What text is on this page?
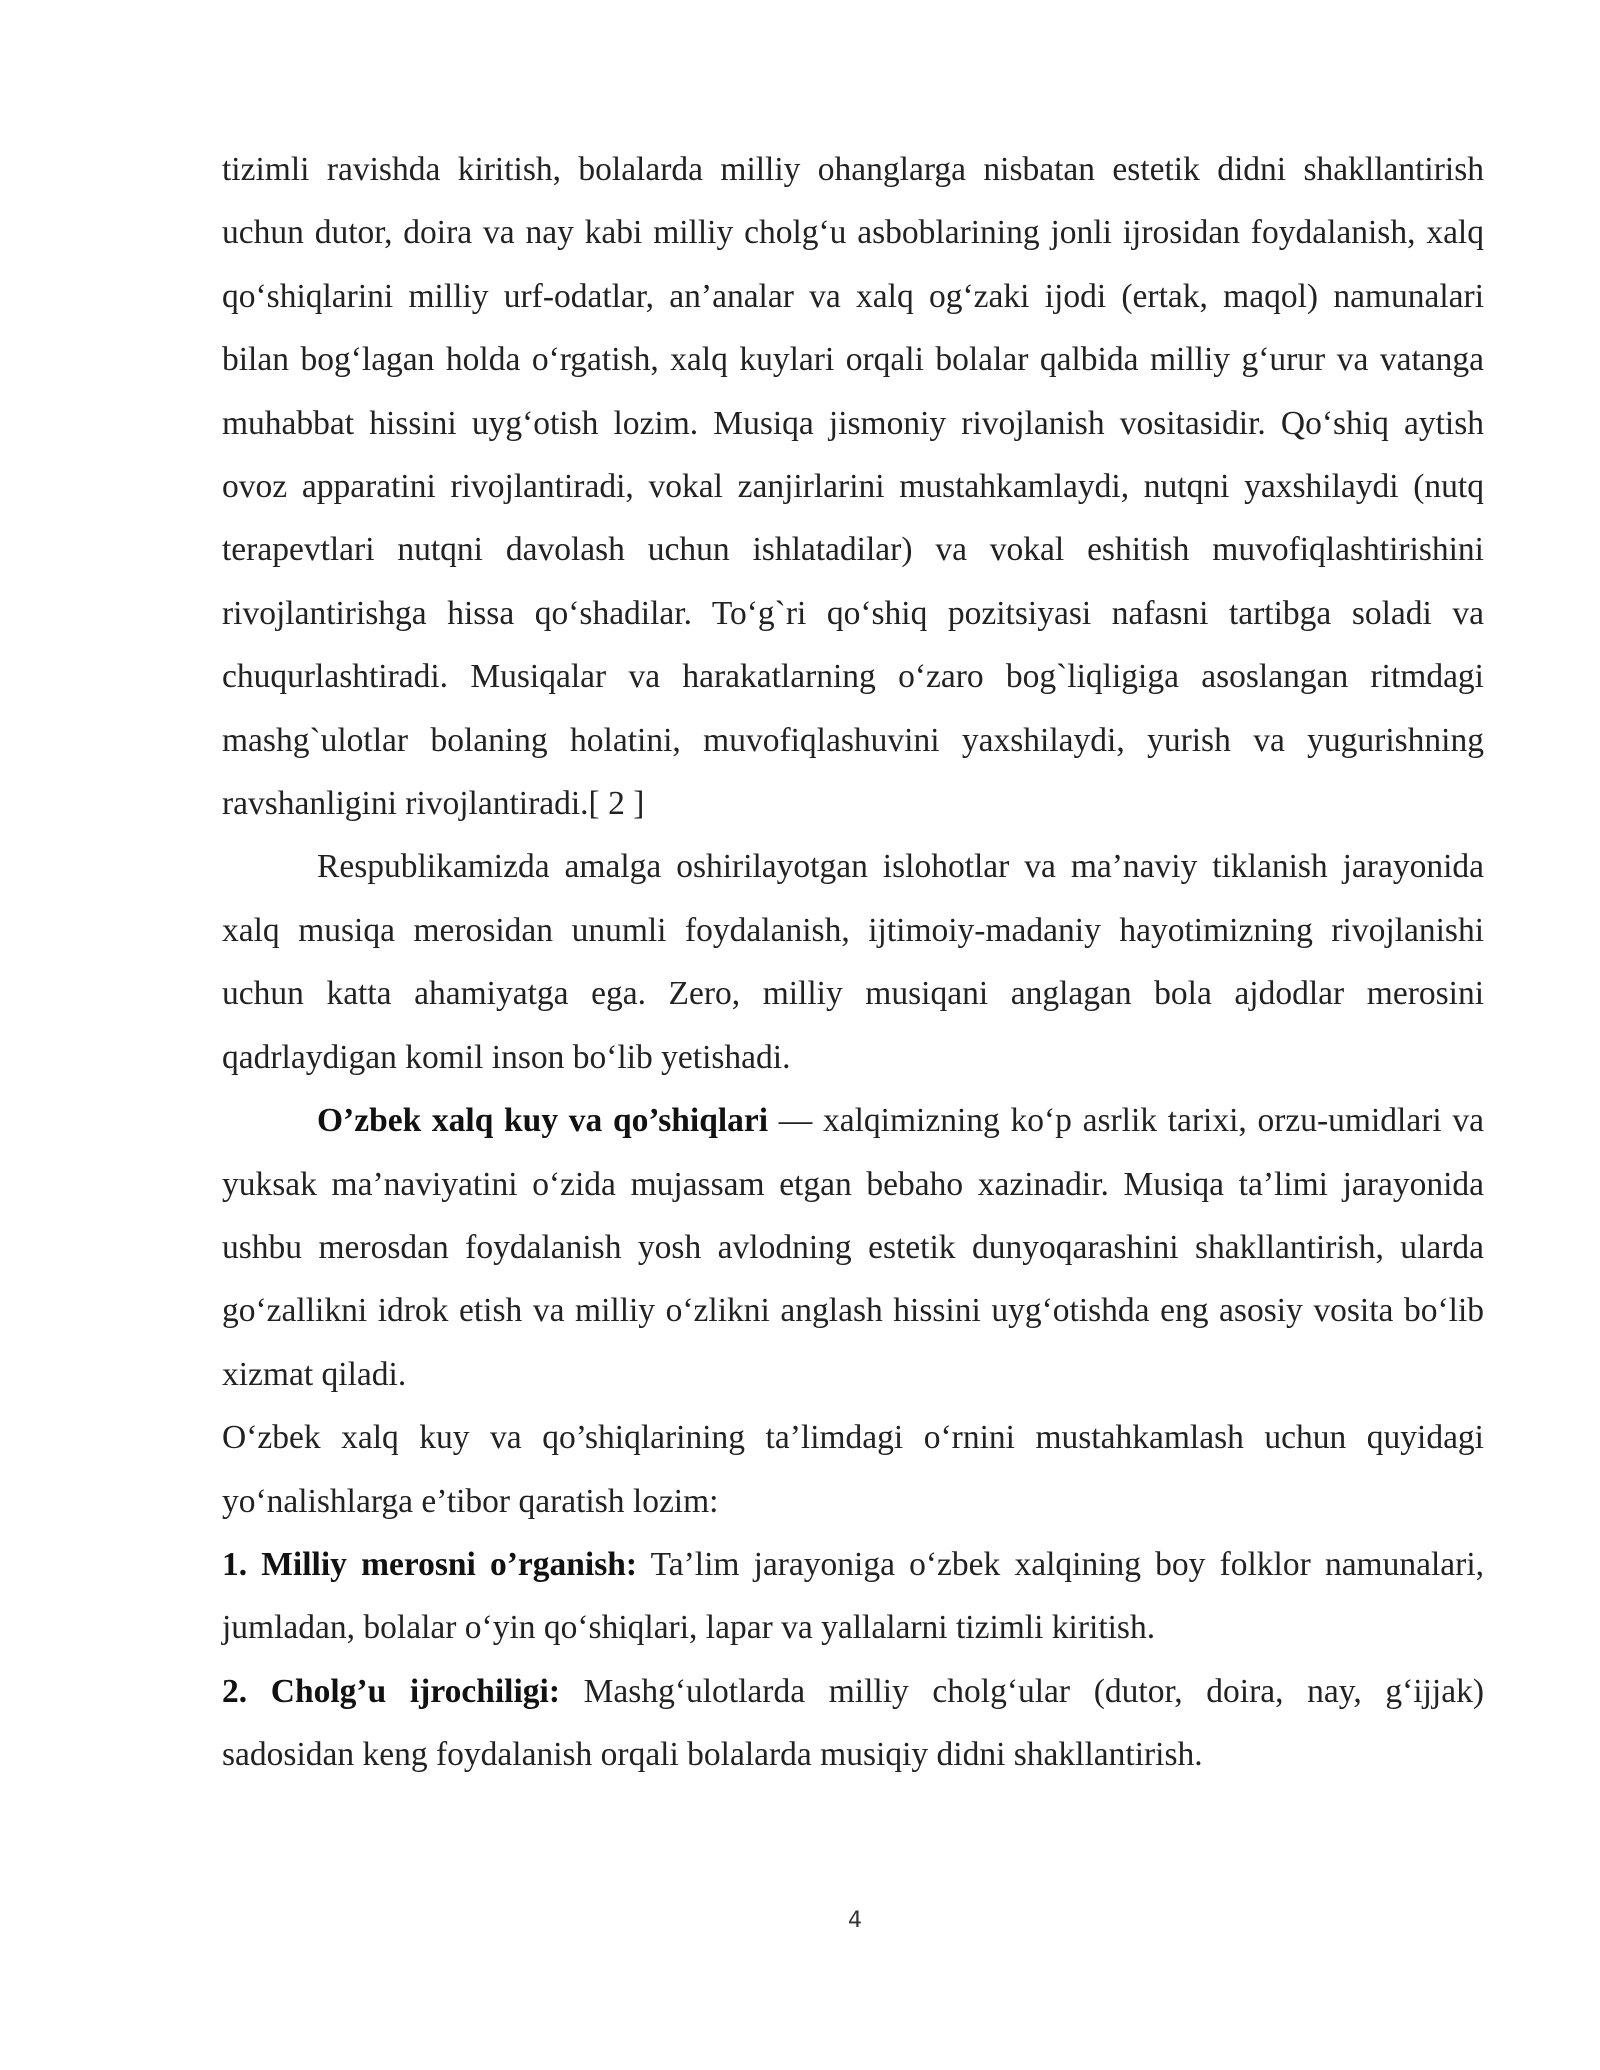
tizimli ravishda kiritish, bolalarda milliy ohanglarga nisbatan estetik didni shakllantirish uchun dutor, doira va nay kabi milliy cholg‘u asboblarining jonli ijrosidan foydalanish, xalq qo‘shiqlarini milliy urf-odatlar, an’analar va xalq og‘zaki ijodi (ertak, maqol) namunalari bilan bog‘lagan holda o‘rgatish, xalq kuylari orqali bolalar qalbida milliy g‘urur va vatanga muhabbat hissini uyg‘otish lozim. Musiqa jismoniy rivojlanish vositasidir. Qo‘shiq aytish ovoz apparatini rivojlantiradi, vokal zanjirlarini mustahkamlaydi, nutqni yaxshilaydi (nutq terapevtlari nutqni davolash uchun ishlatadilar) va vokal eshitish muvofiqlashtirishini rivojlantirishga hissa qo‘shadilar. To‘g`ri qo‘shiq pozitsiyasi nafasni tartibga soladi va chuqurlashtiradi. Musiqalar va harakatlarning o‘zaro bog`liqligiga asoslangan ritmdagi mashg`ulotlar bolaning holatini, muvofiqlashuvini yaxshilaydi, yurish va yugurishning ravshanligini rivojlantiradi.[ 2 ]

Respublikamizda amalga oshirilayotgan islohotlar va ma’naviy tiklanish jarayonida xalq musiqa merosidan unumli foydalanish, ijtimoiy-madaniy hayotimizning rivojlanishi uchun katta ahamiyatga ega. Zero, milliy musiqani anglagan bola ajdodlar merosini qadrlaydigan komil inson bo‘lib yetishadi.

O’zbek xalq kuy va qo’shiqlari — xalqimizning ko‘p asrlik tarixi, orzu-umidlari va yuksak ma’naviyatini o‘zida mujassam etgan bebaho xazinadir. Musiqa ta’limi jarayonida ushbu merosdan foydalanish yosh avlodning estetik dunyoqarashini shakllantirish, ularda go‘zallikni idrok etish va milliy o‘zlikni anglash hissini uyg‘otishda eng asosiy vosita bo‘lib xizmat qiladi.

O‘zbek xalq kuy va qo’shiqlarining ta’limdagi o‘rnini mustahkamlash uchun quyidagi yo‘nalishlarga e’tibor qaratish lozim:

1. Milliy merosni o’rganish: Ta’lim jarayoniga o‘zbek xalqining boy folklor namunalari, jumladan, bolalar o‘yin qo‘shiqlari, lapar va yallalarni tizimli kiritish.

2. Cholg’u ijrochiligi: Mashg‘ulotlarda milliy cholg‘ular (dutor, doira, nay, g‘ijjak) sadosidan keng foydalanish orqali bolalarda musiqiy didni shakllantirish.

4
